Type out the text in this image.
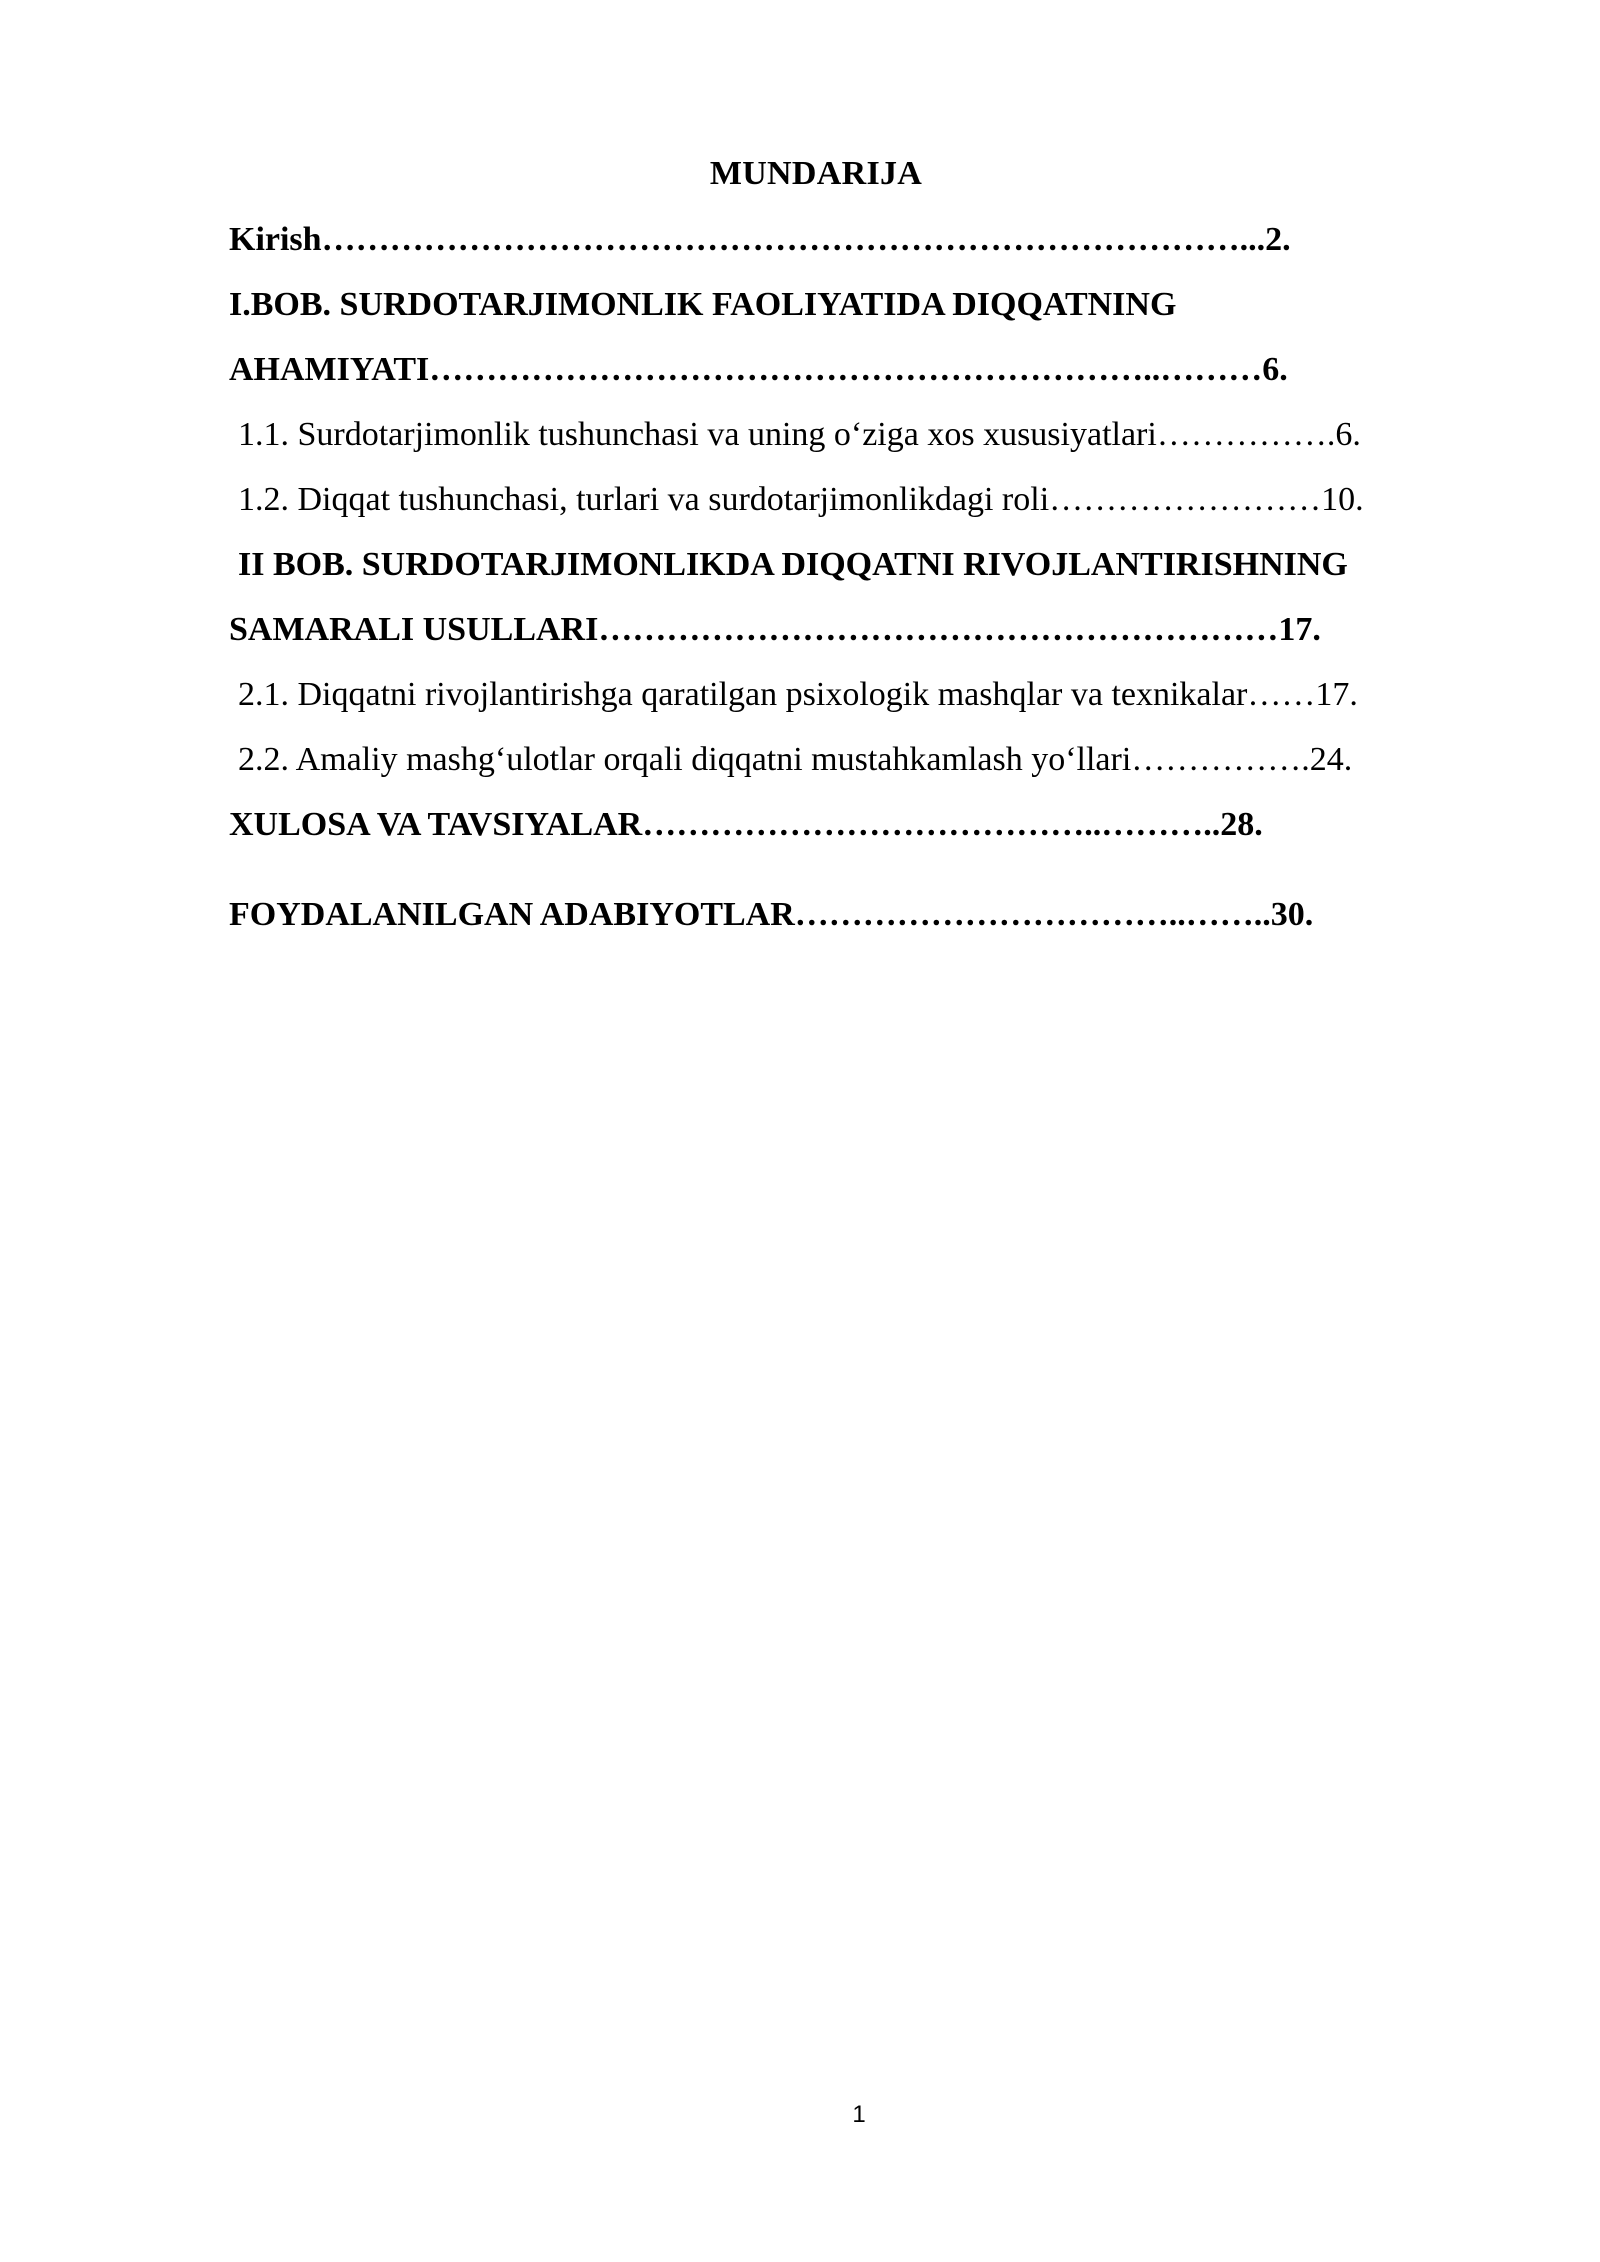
MUNDARIJA
Kirish………………………………………………………………………...2.
I.BOB. SURDOTARJIMONLIK FAOLIYATIDA DIQQATNING
AHAMIYATI………………………………………………………..………6.
1.1. Surdotarjimonlik tushunchasi va uning o‘ziga xos xususiyatlari…………….6.
1.2. Diqqat tushunchasi, turlari va surdotarjimonlikdagi roli……………………10.
II BOB. SURDOTARJIMONLIKDA DIQQATNI RIVOJLANTIRISHNING
SAMARALI USULLARI……………………………………………………17.
2.1. Diqqatni rivojlantirishga qaratilgan psixologik mashqlar va texnikalar……17.
2.2. Amaliy mashg‘ulotlar orqali diqqatni mustahkamlash yo‘llari…………….24.
XULOSA VA TAVSIYALAR…………………………………..………..28.
FOYDALANILGAN ADABIYOTLAR……………………………..……..30.
1
